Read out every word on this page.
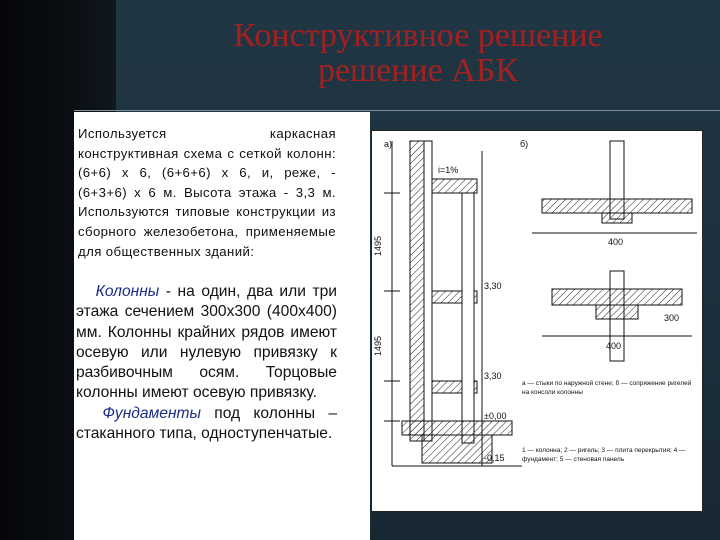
Конструктивное решение
решение АБК
Используется каркасная конструктивная схема с сеткой колонн: (6+6) х 6, (6+6+6) х 6, и, реже, - (6+3+6) х 6 м. Высота этажа - 3,3 м. Используются типовые конструкции из сборного железобетона, применяемые для общественных зданий:
Колонны - на один, два или три этажа сечением 300х300 (400х400) мм. Колонны крайних рядов имеют осевую или нулевую привязку к разбивочным осям. Торцовые колонны имеют осевую привязку.
Фундаменты под колонны – стаканного типа, одноступенчатые.
а)	б)
i=1%
3,30
3,30
±0,00
-0,15
1495
1495
400
400
300
а — стыки по наружной стене; б — сопряжение ригелей на консоли колонны
1 — колонна; 2 — ригель; 3 — плита перекрытия; 4 — фундамент; 5 — стеновая панель
